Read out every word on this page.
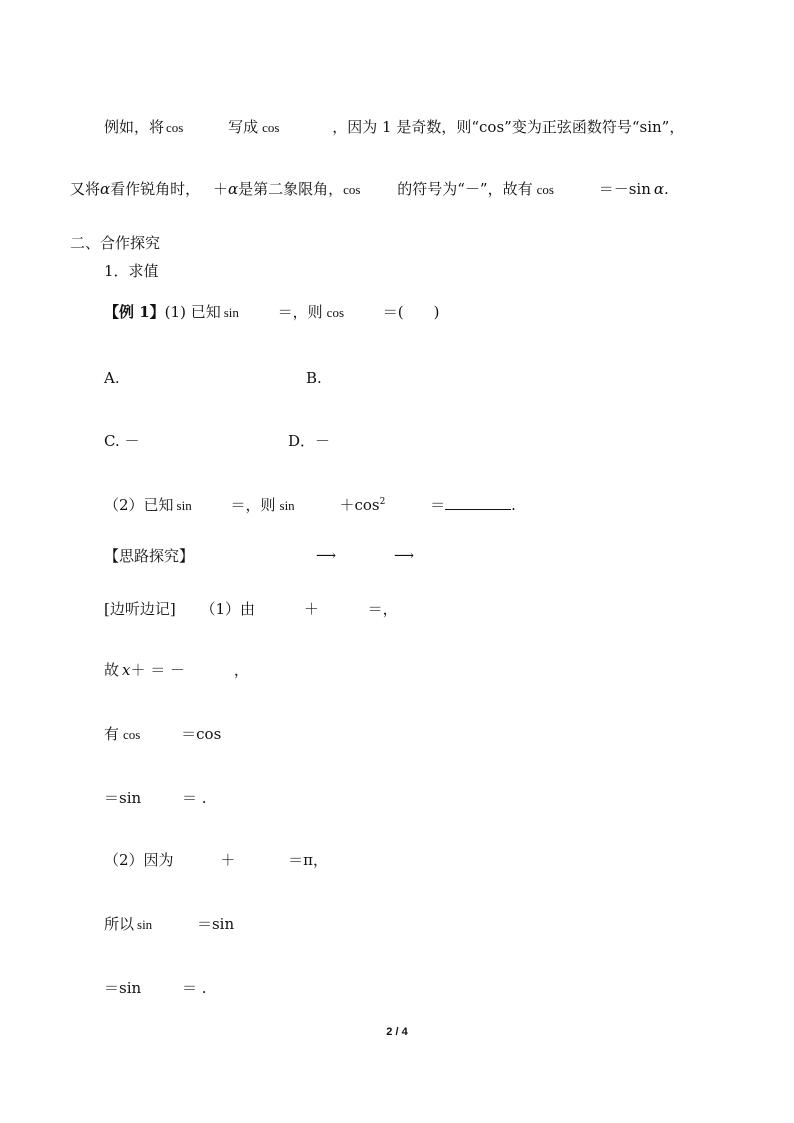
例如，将 cos	写成 cos	，因为 1 是奇数，则“cos”变为正弦函数符号“sin”，
又将α看作锐角时， ＋α是第二象限角，cos 的符号为“－”，故有 cos	＝－sin α.
二、合作探究
1．求值
【例 1】(1) 已知 sin	＝，则 cos	＝(　　)
A.	B.
C. －	D．－
（2）已知 sin	＝，则 sin	$+\cos^2$	＝	.
【思路探究】	⟶	⟶
[边听边记] （1）由	＋	＝，
故 x＋ ＝ －	，
有 cos	＝cos
＝sin	＝ .
（2）因为	＋	＝π，
所以 sin	＝sin
＝sin	＝ .
2 / 4
